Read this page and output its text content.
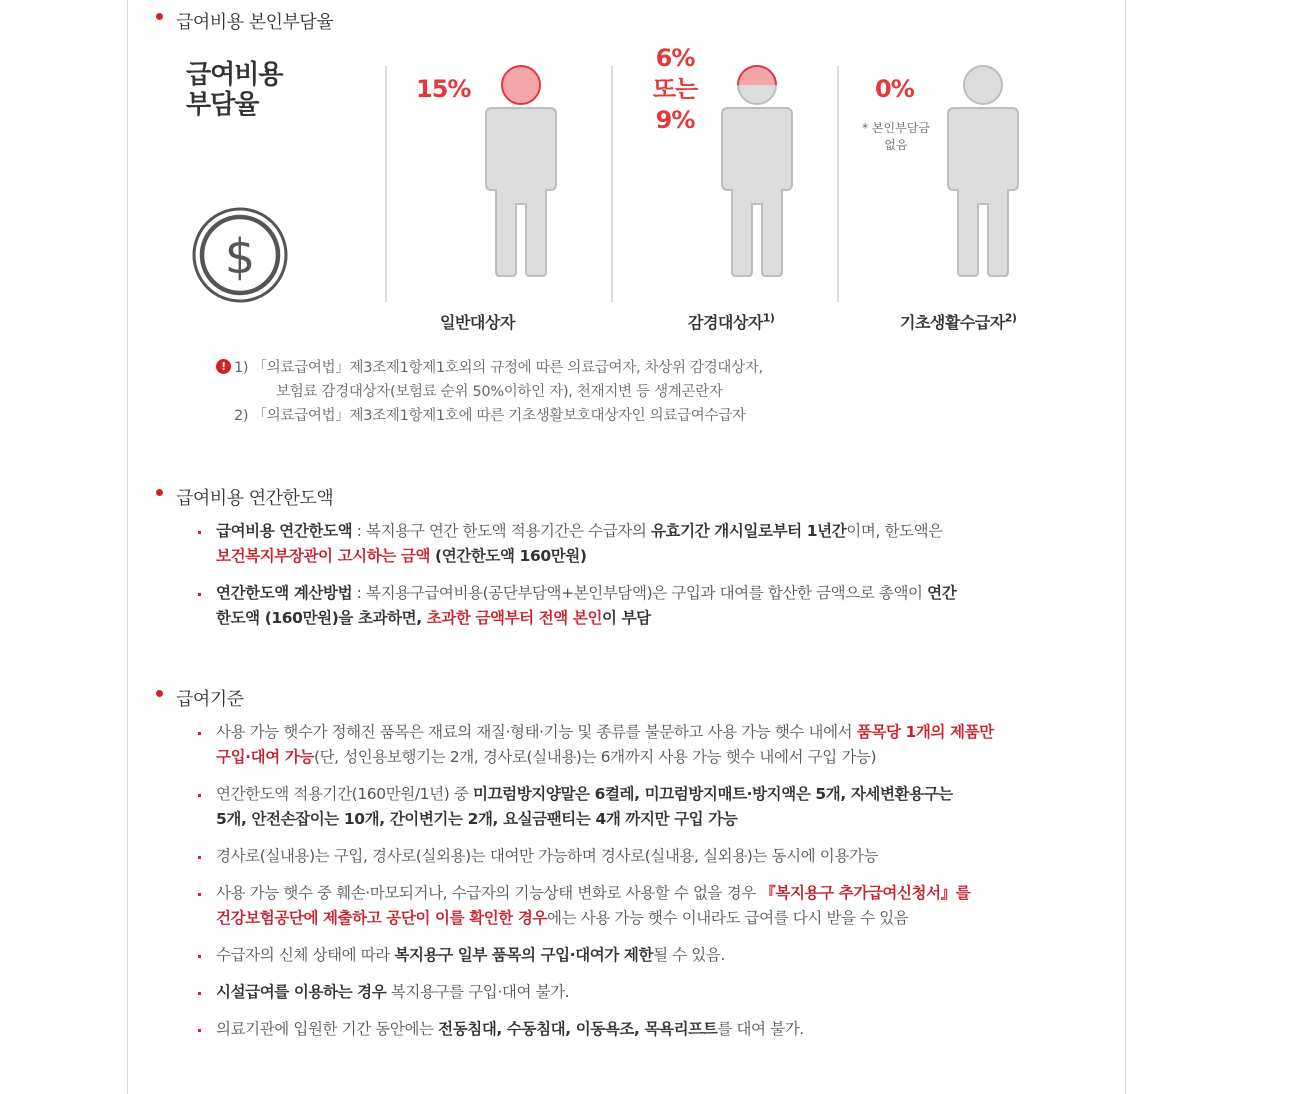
급여비용 본인부담율
급여비용
부담율
$
15%
일반대상자
6%
또는
9%
감경대상자$^{1)}$
0%
* 본인부담금
없음
기초생활수급자$^{2)}$
! 1) 「의료급여법」제3조제1항제1호외의 규정에 따른 의료급여자, 차상위 감경대상자,
보험료 감경대상자(보험료 순위 50%이하인 자), 천재지변 등 생계곤란자
2) 「의료급여법」제3조제1항제1호에 따른 기초생활보호대상자인 의료급여수급자
급여비용 연간한도액
급여비용 연간한도액 : 복지용구 연간 한도액 적용기간은 수급자의 유효기간 개시일로부터 1년간이며, 한도액은
보건복지부장관이 고시하는 금액 (연간한도액 160만원)
연간한도액 계산방법 : 복지용구급여비용(공단부담액+본인부담액)은 구입과 대여를 합산한 금액으로 총액이 연간
한도액 (160만원)을 초과하면, 초과한 금액부터 전액 본인이 부담
급여기준
사용 가능 햇수가 정해진 품목은 재료의 재질·형태·기능 및 종류를 불문하고 사용 가능 햇수 내에서 품목당 1개의 제품만
구입·대여 가능(단, 성인용보행기는 2개, 경사로(실내용)는 6개까지 사용 가능 햇수 내에서 구입 가능)
연간한도액 적용기간(160만원/1년) 중 미끄럼방지양말은 6켤레, 미끄럼방지매트·방지액은 5개, 자세변환용구는
5개, 안전손잡이는 10개, 간이변기는 2개, 요실금팬티는 4개 까지만 구입 가능
경사로(실내용)는 구입, 경사로(실외용)는 대여만 가능하며 경사로(실내용, 실외용)는 동시에 이용가능
사용 가능 햇수 중 훼손·마모되거나, 수급자의 기능상태 변화로 사용할 수 없을 경우 『복지용구 추가급여신청서』를
건강보험공단에 제출하고 공단이 이를 확인한 경우에는 사용 가능 햇수 이내라도 급여를 다시 받을 수 있음
수급자의 신체 상태에 따라 복지용구 일부 품목의 구입·대여가 제한될 수 있음.
시설급여를 이용하는 경우 복지용구를 구입·대여 불가.
의료기관에 입원한 기간 동안에는 전동침대, 수동침대, 이동욕조, 목욕리프트를 대여 불가.
